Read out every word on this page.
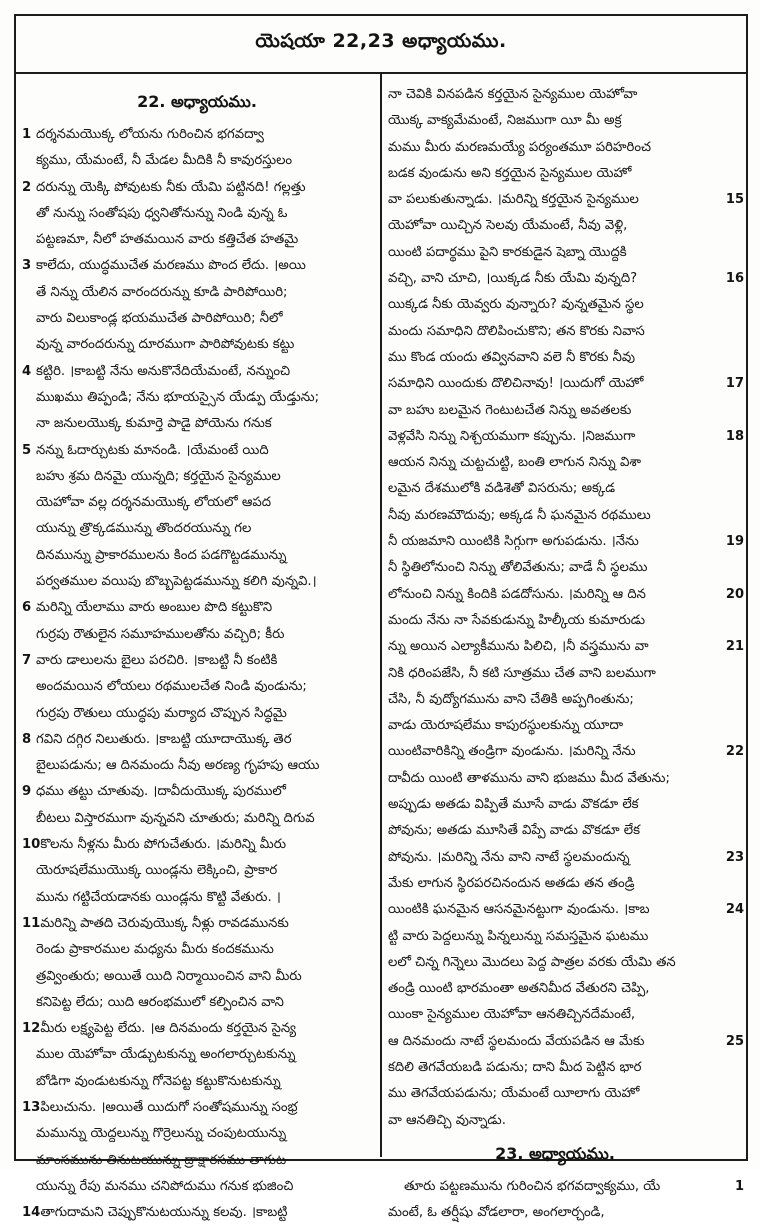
యెషయా 22,23 అధ్యాయము.
22. అధ్యాయము.
1 దర్శనమయొక్క లోయను గురించిన భగవద్వా
క్యము, యేమంటే, నీ మేడల మీదికి నీ కావురస్తులం
2 దరున్ను యెక్కి పోవుటకు నీకు యేమి పట్టినది! గల్లత్తు
తో నున్ను సంతోషపు ధ్వనితోనున్ను నిండి వున్న ఓ
పట్టణమా, నీలో హతమయిన వారు కత్తిచేత హతమై
3 కాలేదు, యుద్ధముచేత మరణము పొంద లేదు. ।అయి
తే నిన్ను యేలిన వారందరున్ను కూడి పారిపోయిరి;
వారు విలుకాండ్ల భయముచేత పారిపోయిరి; నీలో
వున్న వారందరున్ను దూరముగా పారిపోవుటకు కట్టు
4 కట్టిరి. ।కాబట్టి నేను అనుకొనేదియేమంటే, నన్నుంచి
ముఖము తిప్పండి; నేను భూయస్సైన యేడ్పు యేడ్తును;
నా జనులయొక్క కుమార్తె పాడై పోయెను గనుక
5 నన్ను ఓదార్చుటకు మానండి. ।యేమంటే యిది
బహు శ్రమ దినమై యున్నది; కర్తయైన సైన్యముల
యెహోవా వల్ల దర్శనమయొక్క లోయలో ఆపద
యున్ను త్రొక్కడమున్ను తొందరయున్ను గల
దినమున్ను ప్రాకారములను కింద పడగొట్టడమున్ను
పర్వతముల వయిపు బొబ్బపెట్టడమున్ను కలిగి వున్నవి.।
6 మరిన్ని యేలాము వారు అంబుల పొది కట్టుకొని
గుర్రపు రౌతులైన సమూహములతోను వచ్చిరి; కీరు
7 వారు డాలులను బైలు పరచిరి. ।కాబట్టి నీ కంటికి
అందమయిన లోయలు రథములచేత నిండి వుండును;
గుర్రపు రౌతులు యుద్ధపు మర్యాద చొప్పున సిద్ధమై
8 గవిని దగ్గిర నిలుతురు. ।కాబట్టి యూదాయొక్క తెర
బైలుపడును; ఆ దినమందు నీవు అరణ్య గృహపు ఆయు
9 ధము తట్టు చూతువు. ।దావీదుయొక్క పురములో
బీటలు విస్తారముగా వున్నవని చూతురు; మరిన్ని దిగువ
10కొలను నీళ్లను మీరు పోగుచేతురు. ।మరిన్ని మీరు
యెరూషలేముయొక్క యిండ్లను లెక్కించి, ప్రాకార
మును గట్టిచేయడానకు యిండ్లను కొట్టి వేతురు. ।
11మరిన్ని పాతది చెరువుయొక్క నీళ్లు రావడమునకు
రెండు ప్రాకారముల మధ్యను మీరు కందకమును
త్రవ్వింతురు; అయితే యిది నిర్మాయించిన వాని మీరు
కనిపెట్ట లేదు; యిది ఆరంభములో కల్పించిన వాని
12మీరు లక్ష్యపెట్ట లేదు. ।ఆ దినమందు కర్తయైన సైన్య
ముల యెహోవా యేడ్చుటకున్ను అంగలార్చుటకున్ను
బోడిగా వుండుటకున్ను గోనెపట్ట కట్టుకొనుటకున్ను
13పిలుచును. ।అయితే యిదుగో సంతోషమున్ను సంభ్ర
మమున్ను యెద్దలున్ను గొర్రెలున్ను చంపుటయున్ను
మాంసమును తినుటయున్ను ద్రాక్షారసము తాగుట
యున్ను రేపు మనము చనిపోదుము గనుక భుజించి
14తాగుదామని చెప్పుకొనుటయున్ను కలవు. ।కాబట్టి
నా చెవికి వినపడిన కర్తయైన సైన్యముల యెహోవా
యొక్క వాక్యమేమంటే, నిజముగా యీ మీ అక్ర
మము మీరు మరణమయ్యే పర్యంతమూ పరిహరించ
బడక వుండును అని కర్తయైన సైన్యముల యెహో
వా పలుకుతున్నాడు. ।మరిన్ని కర్తయైన సైన్యముల
యెహోవా యిచ్చిన సెలవు యేమంటే, నీవు వెళ్లి,
యింటి పదార్థము పైని కారకుడైన షెబ్నా యొద్దకి
వచ్చి, వాని చూచి, ।యిక్కడ నీకు యేమి వున్నది?
యిక్కడ నీకు యెవ్వరు వున్నారు? వున్నతమైన స్థల
మందు సమాధిని దొలిపించుకొని; తన కొరకు నివాస
ము కొండ యందు తవ్వినవాని వలె నీ కొరకు నీవు
సమాధిని యిందుకు దొలిచినావు! ।యిదుగో యెహో
వా బహు బలమైన గెంటుటచేత నిన్ను అవతలకు
వెళ్లవేసి నిన్ను నిశ్చయముగా కప్పును. ।నిజముగా
ఆయన నిన్ను చుట్టచుట్టి, బంతి లాగున నిన్ను విశా
లమైన దేశములోకి వడిశెతో విసరును; అక్కడ
నీవు మరణమౌదువు; అక్కడ నీ ఘనమైన రథములు
నీ యజమాని యింటికి సిగ్గుగా అగుపడును. ।నేను
నీ స్థితిలోనుంచి నిన్ను తోలివేతును; వాడే నీ స్థలము
లోనుంచి నిన్ను కిందికి పడదోసును. ।మరిన్ని ఆ దిన
మందు నేను నా సేవకుడున్ను హిల్కీయ కుమారుడు
న్ను అయిన ఎల్యాకీమును పిలిచి, ।నీ వస్త్రమును వా
నికి ధరింపజేసి, నీ కటి సూత్రము చేత వాని బలముగా
చేసి, నీ వుద్యోగమును వాని చేతికి అప్పగింతును;
వాడు యెరూషలేము కాపురస్థులకున్ను యూదా
యింటివారికిన్ని తండ్రిగా వుండును. ।మరిన్ని నేను
దావీదు యింటి తాళమును వాని భుజము మీద వేతును;
అప్పుడు అతడు విప్పితే మూసే వాడు వొకడూ లేక
పోవును; అతడు మూసితే విప్పే వాడు వొకడూ లేక
పోవును. ।మరిన్ని నేను వాని నాటే స్థలమందున్న
మేకు లాగున స్థిరపరచినందున అతడు తన తండ్రి
యింటికి ఘనమైన ఆసనమైనట్టుగా వుండును. ।కాబ
ట్టి వారు పెద్దలున్ను పిన్నలున్ను సమస్తమైన ఘటము
లలో చిన్న గిన్నెలు మొదలు పెద్ద పాత్రల వరకు యేమి తన
తండ్రి యింటి భారమంతా అతనిమీద వేతురని చెప్పి,
యింకా సైన్యముల యెహోవా ఆనతిచ్చినదేమంటే,
ఆ దినమందు నాటే స్థలమందు వేయపడిన ఆ మేకు
కదిలి తెగవేయబడి పడును; దాని మీద పెట్టిన భార
ము తెగవేయపడును; యేమంటే యీలాగు యెహో
వా ఆనతిచ్చి వున్నాడు.
23. అధ్యాయము.
తూరు పట్టణమును గురించిన భగవద్వాక్యము, యే
మంటే, ఓ తర్షీషు వోడలారా, అంగలార్చండి,
15
16
17
18
19
20
21
22
23
24
25
1
